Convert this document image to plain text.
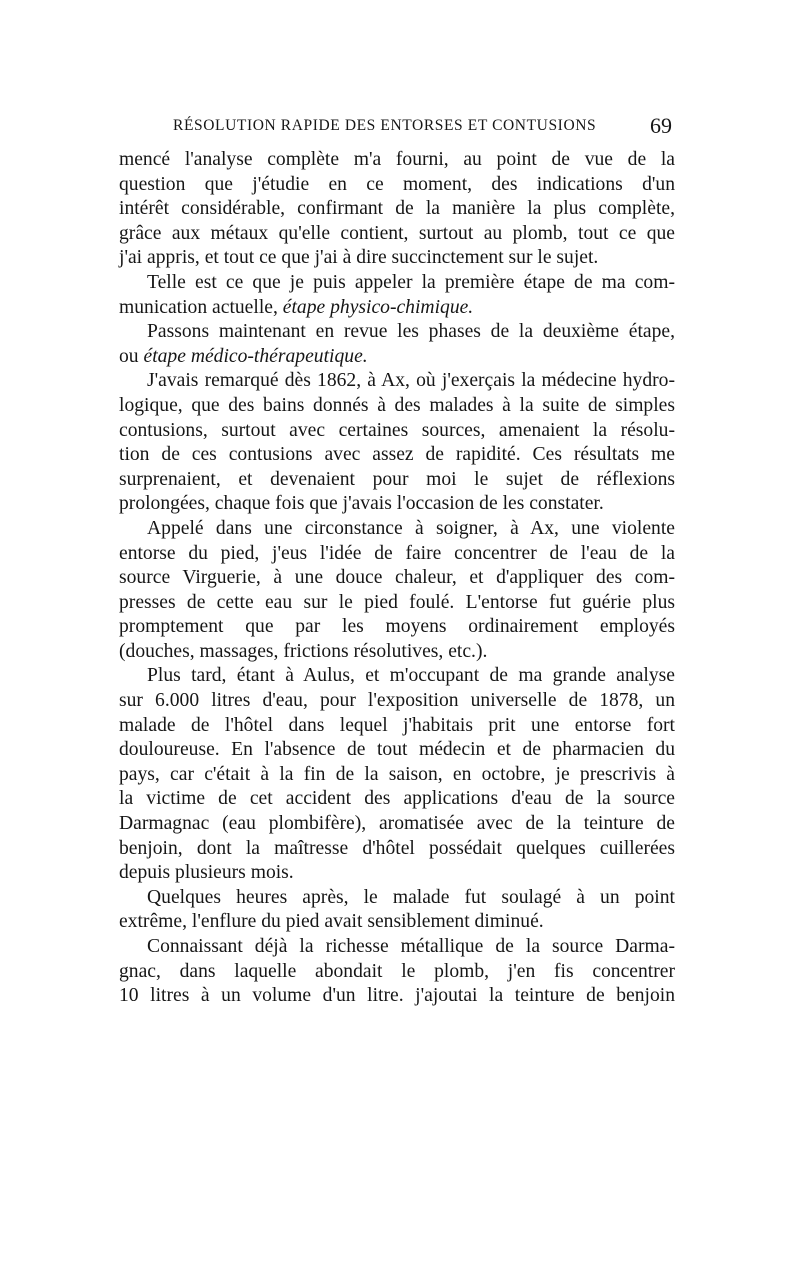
RÉSOLUTION RAPIDE DES ENTORSES ET CONTUSIONS 69
mencé l'analyse complète m'a fourni, au point de vue de la
question que j'étudie en ce moment, des indications d'un
intérêt considérable, confirmant de la manière la plus complète,
grâce aux métaux qu'elle contient, surtout au plomb, tout ce que
j'ai appris, et tout ce que j'ai à dire succinctement sur le sujet.
Telle est ce que je puis appeler la première étape de ma com-
munication actuelle, étape physico-chimique.
Passons maintenant en revue les phases de la deuxième étape,
ou étape médico-thérapeutique.
J'avais remarqué dès 1862, à Ax, où j'exerçais la médecine hydro-
logique, que des bains donnés à des malades à la suite de simples
contusions, surtout avec certaines sources, amenaient la résolu-
tion de ces contusions avec assez de rapidité. Ces résultats me
surprenaient, et devenaient pour moi le sujet de réflexions
prolongées, chaque fois que j'avais l'occasion de les constater.
Appelé dans une circonstance à soigner, à Ax, une violente
entorse du pied, j'eus l'idée de faire concentrer de l'eau de la
source Virguerie, à une douce chaleur, et d'appliquer des com-
presses de cette eau sur le pied foulé. L'entorse fut guérie plus
promptement que par les moyens ordinairement employés
(douches, massages, frictions résolutives, etc.).
Plus tard, étant à Aulus, et m'occupant de ma grande analyse
sur 6.000 litres d'eau, pour l'exposition universelle de 1878, un
malade de l'hôtel dans lequel j'habitais prit une entorse fort
douloureuse. En l'absence de tout médecin et de pharmacien du
pays, car c'était à la fin de la saison, en octobre, je prescrivis à
la victime de cet accident des applications d'eau de la source
Darmagnac (eau plombifère), aromatisée avec de la teinture de
benjoin, dont la maîtresse d'hôtel possédait quelques cuillerées
depuis plusieurs mois.
Quelques heures après, le malade fut soulagé à un point
extrême, l'enflure du pied avait sensiblement diminué.
Connaissant déjà la richesse métallique de la source Darma-
gnac, dans laquelle abondait le plomb, j'en fis concentrer
10 litres à un volume d'un litre. j'ajoutai la teinture de benjoin
